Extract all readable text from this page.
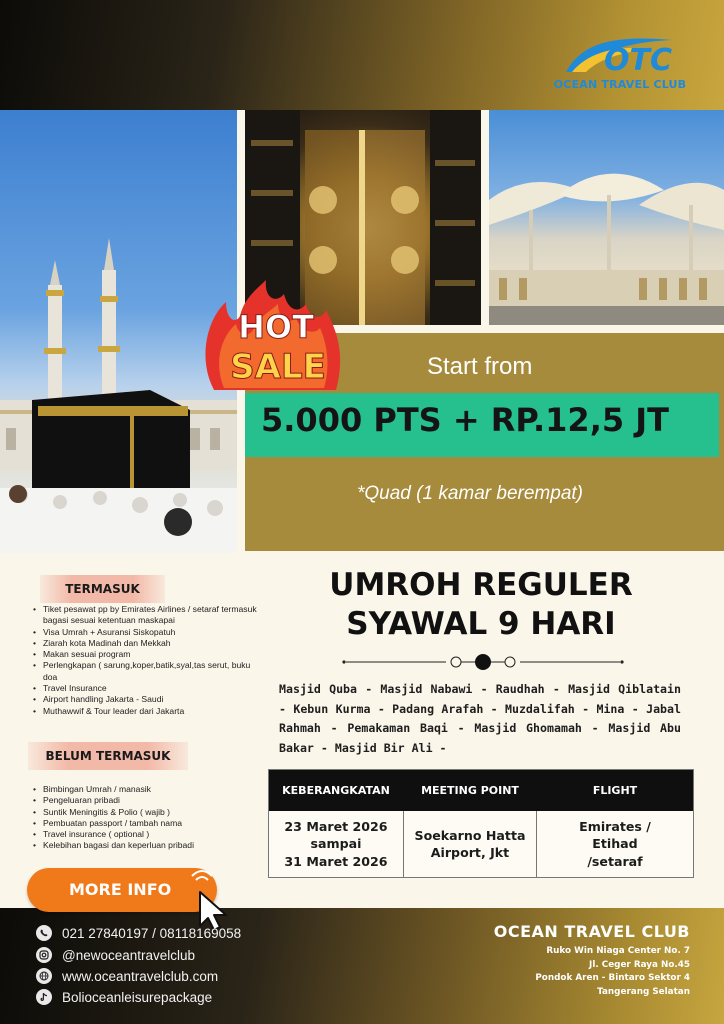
OTC
OCEAN TRAVEL CLUB
Start from
5.000 PTS + RP.12,5 JT
*Quad (1 kamar berempat)
HOT
SALE
TERMASUK
• Tiket pesawat pp by Emirates Airlines / setaraf termasuk bagasi sesuai ketentuan maskapai
• Visa Umrah + Asuransi Siskopatuh
• Ziarah kota Madinah dan Mekkah
• Makan sesuai program
• Perlengkapan ( sarung,koper,batik,syal,tas serut, buku doa
• Travel Insurance
• Airport handling Jakarta - Saudi
• Muthawwif & Tour leader dari Jakarta
BELUM TERMASUK
• Bimbingan Umrah / manasik
• Pengeluaran pribadi
• Suntik Meningitis & Polio ( wajib )
• Pembuatan passport / tambah nama
• Travel insurance ( optional )
• Kelebihan bagasi dan keperluan pribadi
UMROH REGULER
SYAWAL 9 HARI
Masjid Quba - Masjid Nabawi - Raudhah - Masjid Qiblatain - Kebun Kurma - Padang Arafah - Muzdalifah - Mina - Jabal Rahmah - Pemakaman Baqi - Masjid Ghomamah - Masjid Abu Bakar - Masjid Bir Ali -
KEBERANGKATAN	MEETING POINT	FLIGHT
23 Maret 2026
sampai
31 Maret 2026
Soekarno Hatta
Airport, Jkt
Emirates /
Etihad
/setaraf
MORE INFO
021 27840197 / 08118169058
@newoceantravelclub
www.oceantravelclub.com
Bolioceanleisurepackage
OCEAN TRAVEL CLUB
Ruko Win Niaga Center No. 7
Jl. Ceger Raya No.45
Pondok Aren - Bintaro Sektor 4
Tangerang Selatan
